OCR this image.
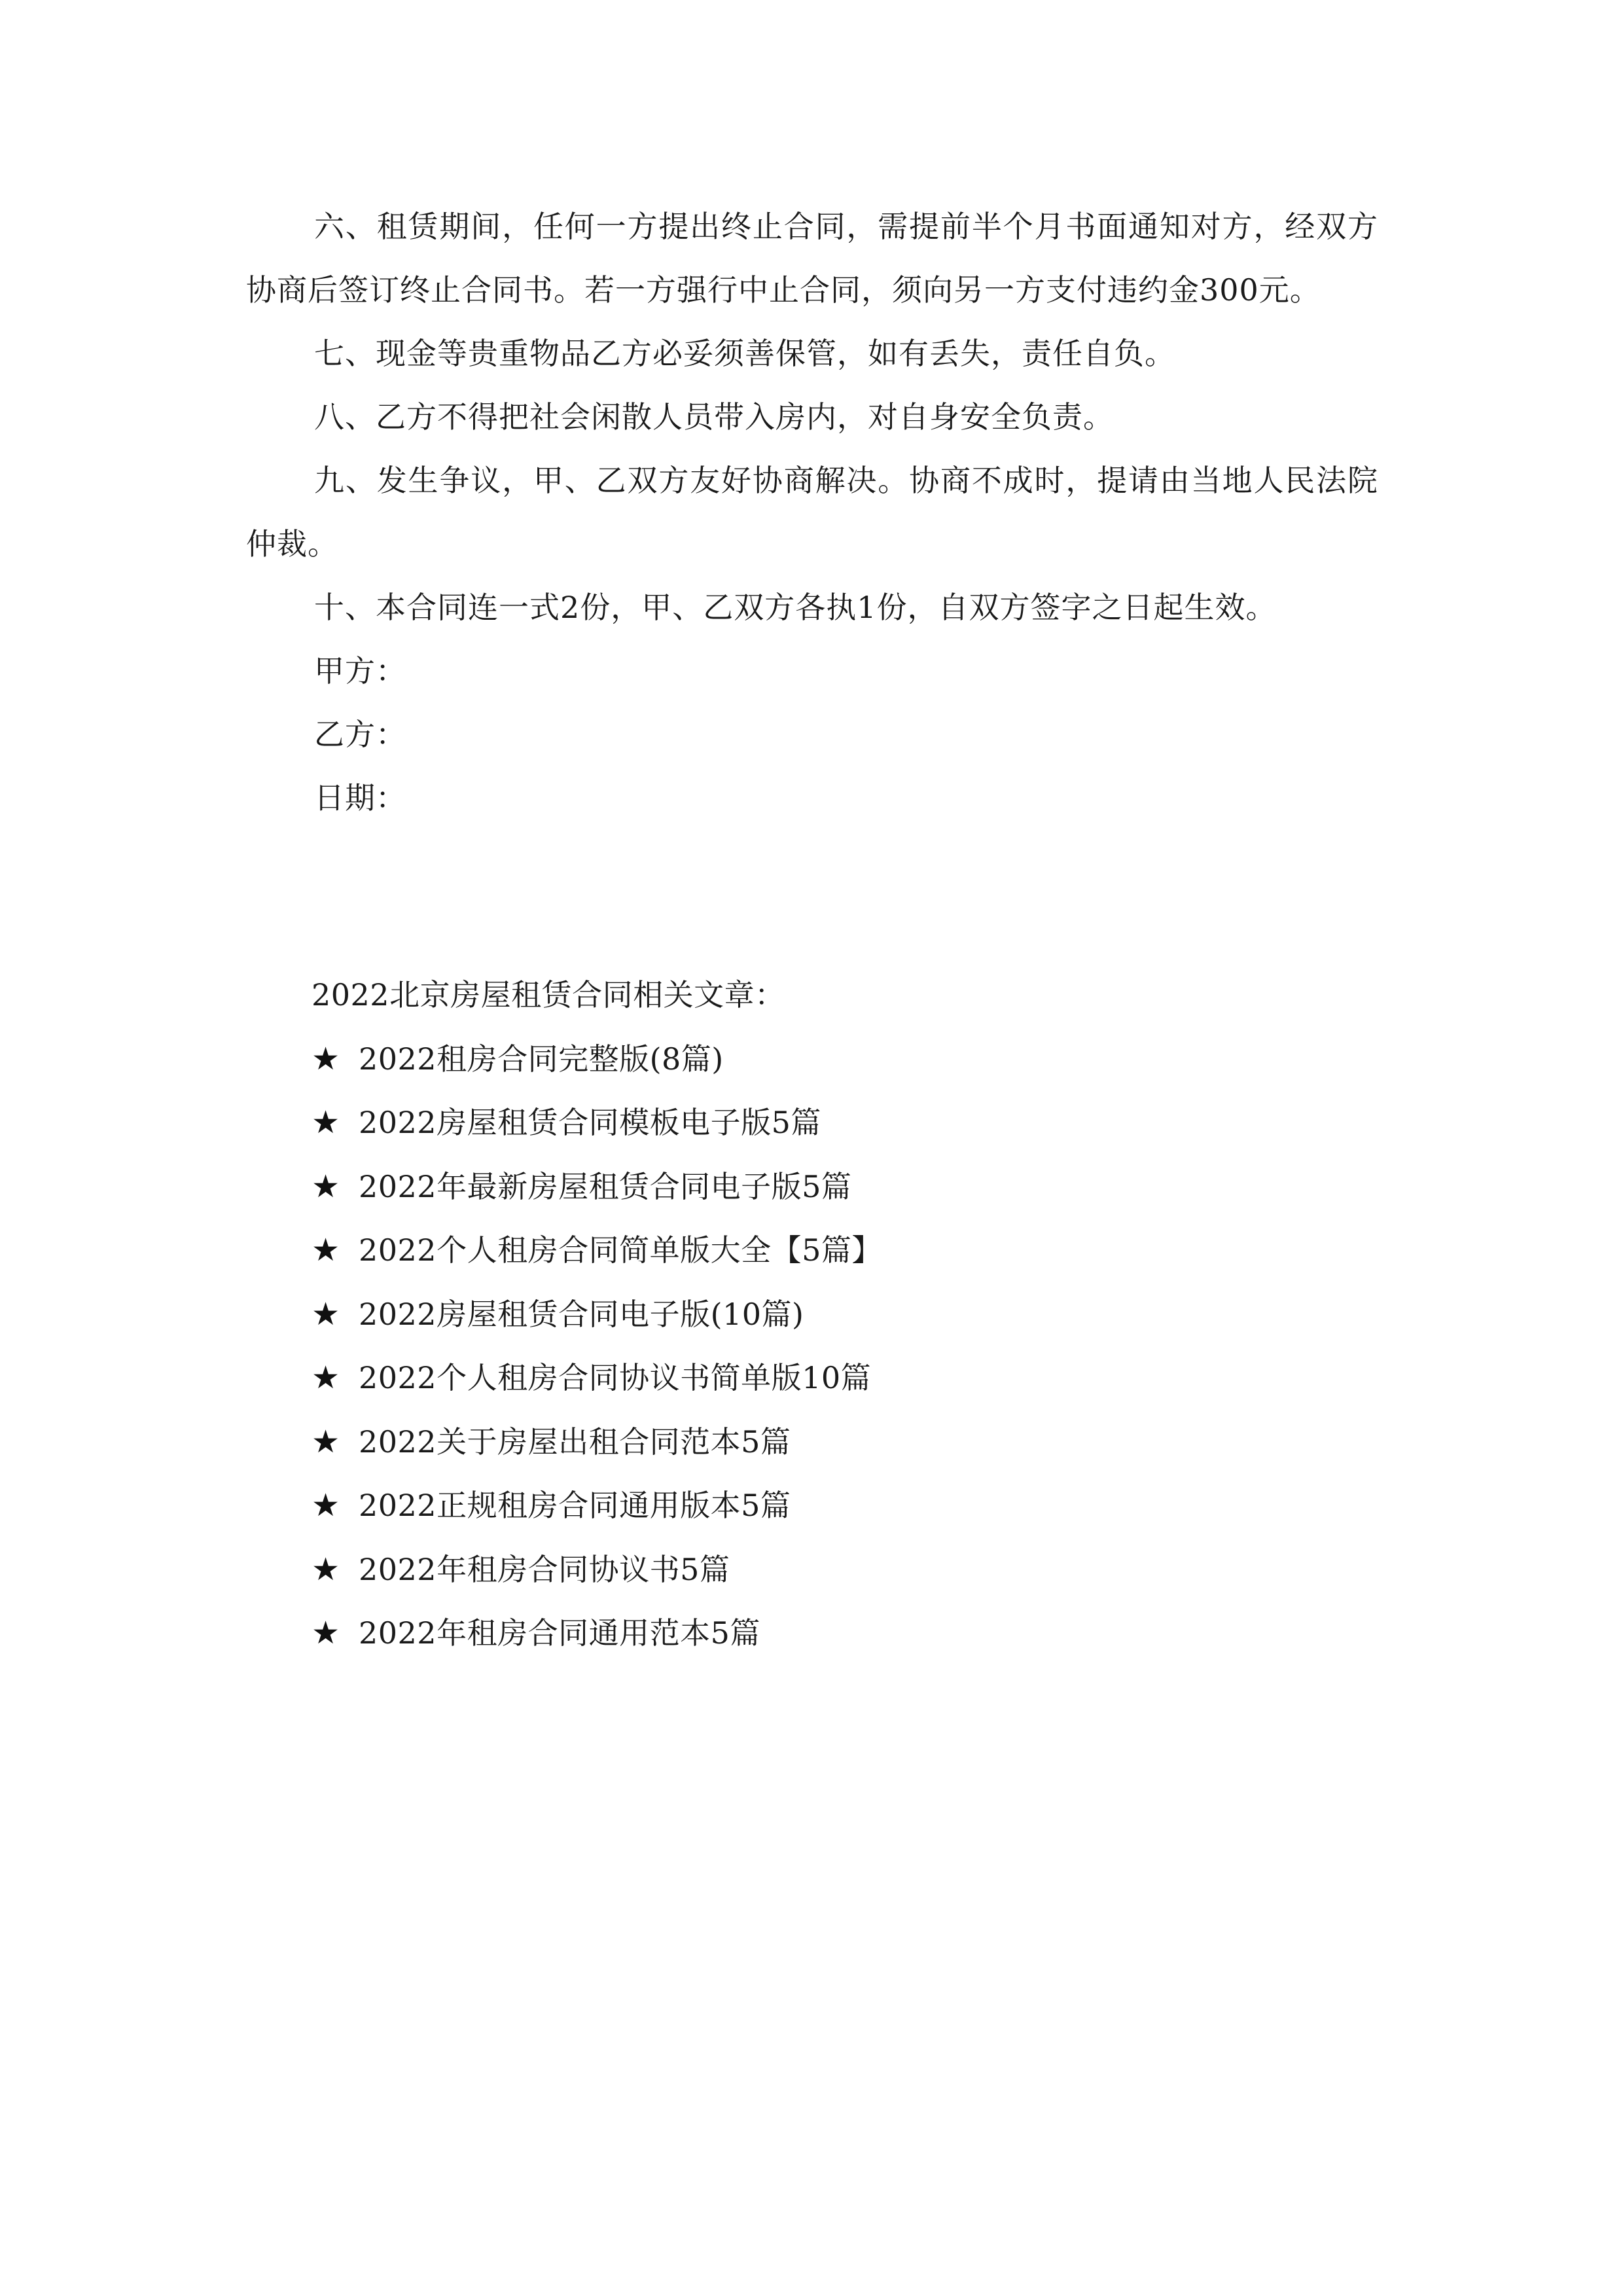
六、租赁期间，任何一方提出终止合同，需提前半个月书面通知对方，经双方协商后签订终止合同书。若一方强行中止合同，须向另一方支付违约金300元。

七、现金等贵重物品乙方必妥须善保管，如有丢失，责任自负。

八、乙方不得把社会闲散人员带入房内，对自身安全负责。

九、发生争议，甲、乙双方友好协商解决。协商不成时，提请由当地人民法院仲裁。

十、本合同连一式2份，甲、乙双方各执1份，自双方签字之日起生效。

甲方：

乙方：

日期：

2022北京房屋租赁合同相关文章：

★ 2022租房合同完整版(8篇)
★ 2022房屋租赁合同模板电子版5篇
★ 2022年最新房屋租赁合同电子版5篇
★ 2022个人租房合同简单版大全【5篇】
★ 2022房屋租赁合同电子版(10篇)
★ 2022个人租房合同协议书简单版10篇
★ 2022关于房屋出租合同范本5篇
★ 2022正规租房合同通用版本5篇
★ 2022年租房合同协议书5篇
★ 2022年租房合同通用范本5篇
